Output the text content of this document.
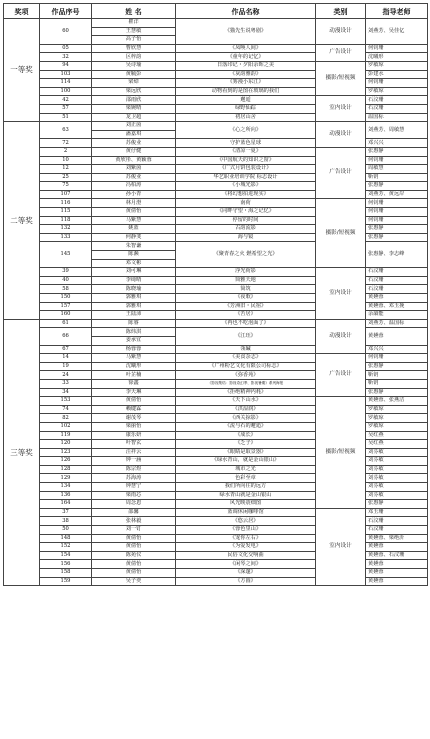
奖项	作品序号	姓 名	作品名称	类别	指导老师
一等奖	60	瞿洋	《猫先生说粤剧》	动漫设计	刘燕芳、吴佳亿
		王慧敏			
		高子怡			
	05	曹欣慧	《凤唤人间》	广告设计	何钊珊
	32	区梓韵	《童年的记忆》		沈曦形
	94	吴诗瑜	日落印记・夕阳余晖之美	摄影/短视频	罗敏琼
	103	黄毓彭	《灰韵雅韵》		彭建水
	114	梁焯	《雾漫小东江》		何钊珊
	100	梁远欣	动物看到的是图在玻璃的我们		罗敏琼
	42	邵雨欣	邂逅	室内设计	石汶珊
	57	梁婉晴	绿野仙踪		石汶珊
	51	龙卫超	初居山舍		温国标
二等奖	63	刘正茵	《心之所向》	动漫设计	刘燕芳、周敏慧
		潘嘉琪			
	72	苏俊业	守护蓝色星球		邓兴兴
	2	黄仔健	《清凉一夏》	广告设计	张惠静
	10	黄欣彤、黄颖蓉	《中国航天的知识之窗》		何钊珊
	12	刘紫茵	《广式月饼包装设计》		周敏慧
	25	苏俊业	华艺职业培训学院 标志设计		靳钥
	75	冯柏涛	《小城光影》		张惠静
	107	孙小青	《将幻想拍进现实》		刘燕芳、黄远岸
	116	林月澄	南荷	摄影/短视频	何钊珊
	115	黄倩怡	《同畔守望・海之记忆》		何钊珊
	118	马紫慧	停留的时间		何钊珊
	132	姚蓝	古韵流影		张惠静
	133	何静斐	海与镜		张惠静
	145	朱智谦	《聚青春之火 燃希望之光》		张惠静、李志峰
		陈濒			
		邓文彬			
	39	刘可琳	浮光荷影	室内设计	石汶珊
	40	李绮晴	简雅天地		石汶珊
	58	陈晓瑜	简筑		石汶珊
	150	郭雅琪	《夜歌》		黄嬿蓉
	157	郭雅琪	《芳洲旧・民宿》		黄嬿蓉、邓玉挽
	160	王陆沛	《苦居》		余韻能
三等奖	61	陈睿	《再也不吃泡面了》	动漫设计	刘燕芳、温国标
	66	陈炜淇	《江珏》		黄嬿蓉
		姜承宜			
	67	杨蓉蓉	瓴碱		邓兴兴
	14	马紫慧	《美食杂志》	广告设计	何钊珊
	19	沈曦形	《广州粉艺文化有限公司标志》		张惠静
	24	叶芷楠	《弥香苑》		靳钥
	33	徐鑫	《影视集结：影视奇幻季、影视暑期》系列海报		靳钥
	34	李天琳	《拒绝精神内耗》		张惠静
	153	黄倩怡	《天下山水》	摄影/短视频	黄嬿蓉、张燕洁
	74	赖键霖	《洪湿润》		罗敏琼
	82	谢茂琴	《西关掠影》		罗敏琼
	102	梁丽怡	《流与石的邂逅》		罗敏琼
	119	康乐妍	《成长》		吴红燕
	120	叶智玄	《乏子》		吴红燕
	123	汪祥云	《眼睛是取景器》		刘芬敏
	126	钟一涵	《绿水青山，就是金山银山》		刘芬敏
	128	陈宗煜	城市之光		刘芬敏
	129	苏海涛	色彩至章		刘芬敏
	134	钟慧宁	我们所向往的远方		刘芬敏
	136	梁雨芯	绿水青山就是金山银山		刘芬敏
	164	周念恩	风光映震细图		张惠静
	37	邵馨	蓝调休闲咖啡馆	室内设计	邓玉珊
	38	张林毅	《悠云居》		石汶珊
	50	刘一钉	《蓉色里山》		石汶珊
	148	黄倩怡	《宠你左右》		黄嬿蓉、梁绝沂
	152	黄倩怡	《为爱发电》		黄嬿蓉
	154	陈苑仪	民俗文化交响曲		黄嬿蓉、石汶珊
	156	黄倩怡	《闲琴之间》		黄嬿蓉
	158	黄倩怡	《深邃》		黄嬿蓉
	159	吴子奕	《方圆》		黄嬿蓉
